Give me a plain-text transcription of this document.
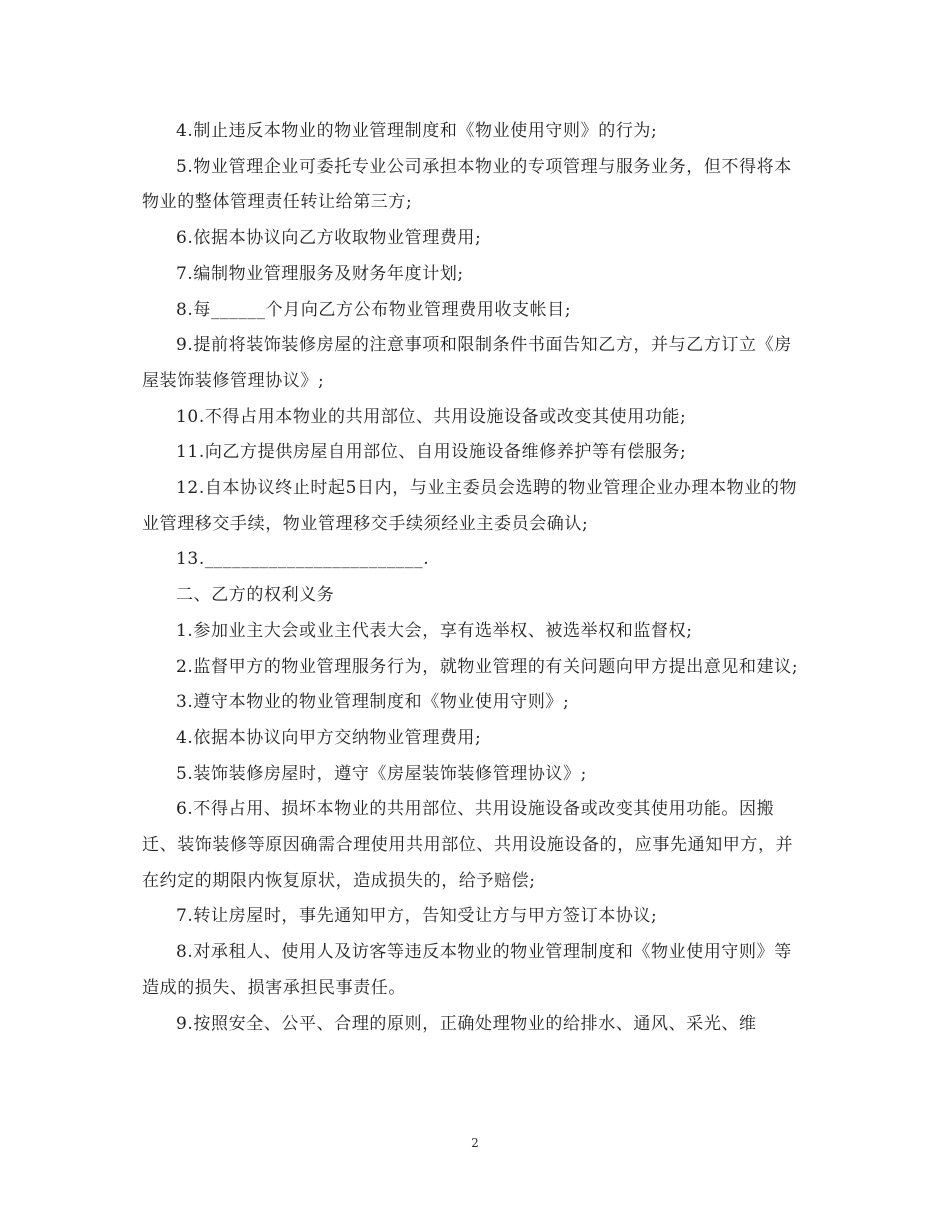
4.制止违反本物业的物业管理制度和《物业使用守则》的行为;

5.物业管理企业可委托专业公司承担本物业的专项管理与服务业务，但不得将本物业的整体管理责任转让给第三方;

6.依据本协议向乙方收取物业管理费用;

7.编制物业管理服务及财务年度计划;

8.每______个月向乙方公布物业管理费用收支帐目;

9.提前将装饰装修房屋的注意事项和限制条件书面告知乙方，并与乙方订立《房屋装饰装修管理协议》;

10.不得占用本物业的共用部位、共用设施设备或改变其使用功能;

11.向乙方提供房屋自用部位、自用设施设备维修养护等有偿服务;

12.自本协议终止时起5日内，与业主委员会选聘的物业管理企业办理本物业的物业管理移交手续，物业管理移交手续须经业主委员会确认;

13.________________________.

二、乙方的权利义务

1.参加业主大会或业主代表大会，享有选举权、被选举权和监督权;

2.监督甲方的物业管理服务行为，就物业管理的有关问题向甲方提出意见和建议;

3.遵守本物业的物业管理制度和《物业使用守则》;

4.依据本协议向甲方交纳物业管理费用;

5.装饰装修房屋时，遵守《房屋装饰装修管理协议》;

6.不得占用、损坏本物业的共用部位、共用设施设备或改变其使用功能。因搬迁、装饰装修等原因确需合理使用共用部位、共用设施设备的，应事先通知甲方，并在约定的期限内恢复原状，造成损失的，给予赔偿;

7.转让房屋时，事先通知甲方，告知受让方与甲方签订本协议;

8.对承租人、使用人及访客等违反本物业的物业管理制度和《物业使用守则》等造成的损失、损害承担民事责任。

9.按照安全、公平、合理的原则，正确处理物业的给排水、通风、采光、维

2
